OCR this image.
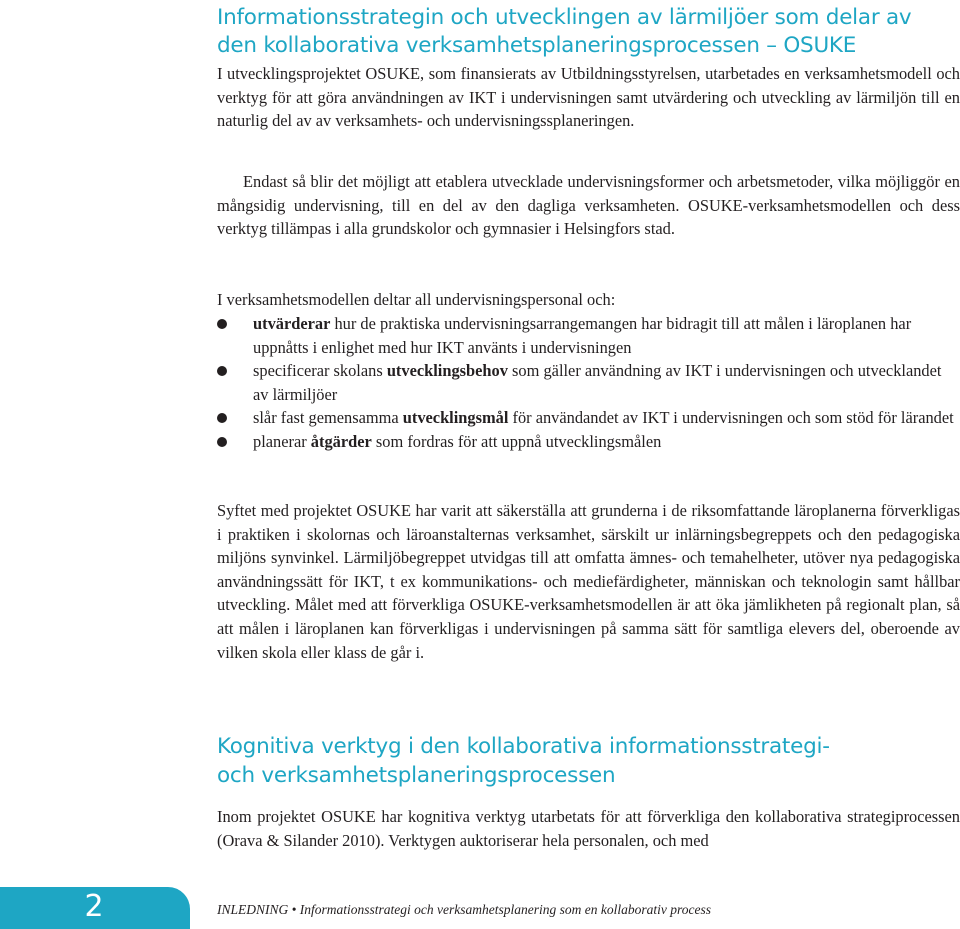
Informationsstrategin och utvecklingen av lärmiljöer som delar av
den kollaborativa verksamhetsplaneringsprocessen – OSUKE

I utvecklingsprojektet OSUKE, som finansierats av Utbildningsstyrelsen, utarbetades en verksamhetsmodell och verktyg för att göra användningen av IKT i undervisningen samt utvärdering och utveckling av lärmiljön till en naturlig del av av verksamhets- och undervisningssplaneringen.

Endast så blir det möjligt att etablera utvecklade undervisningsformer och arbetsmetoder, vilka möjliggör en mångsidig undervisning, till en del av den dagliga verksamheten. OSUKE-verksamhetsmodellen och dess verktyg tillämpas i alla grundskolor och gymnasier i Helsingfors stad.

I verksamhetsmodellen deltar all undervisningspersonal och:

utvärderar hur de praktiska undervisningsarrangemangen har bidragit till att målen i läroplanen har uppnåtts i enlighet med hur IKT använts i undervisningen
specificerar skolans utvecklingsbehov som gäller användning av IKT i undervisningen och utvecklandet av lärmiljöer
slår fast gemensamma utvecklingsmål för användandet av IKT i undervisningen och som stöd för lärandet
planerar åtgärder som fordras för att uppnå utvecklingsmålen

Syftet med projektet OSUKE har varit att säkerställa att grunderna i de riksomfattande läroplanerna förverkligas i praktiken i skolornas och läroanstalternas verksamhet, särskilt ur inlärningsbegreppets och den pedagogiska miljöns synvinkel. Lärmiljöbegreppet utvidgas till att omfatta ämnes- och temahelheter, utöver nya pedagogiska användningssätt för IKT, t ex kommunikations- och mediefärdigheter, människan och teknologin samt hållbar utveckling. Målet med att förverkliga OSUKE-verksamhetsmodellen är att öka jämlikheten på regionalt plan, så att målen i läroplanen kan förverkligas i undervisningen på samma sätt för samtliga elevers del, oberoende av vilken skola eller klass de går i.

Kognitiva verktyg i den kollaborativa informationsstrategi-
och verksamhetsplaneringsprocessen

Inom projektet OSUKE har kognitiva verktyg utarbetats för att förverkliga den kollaborativa strategiprocessen (Orava & Silander 2010). Verktygen auktoriserar hela personalen, och med

2	INLEDNING • Informationsstrategi och verksamhetsplanering som en kollaborativ process
